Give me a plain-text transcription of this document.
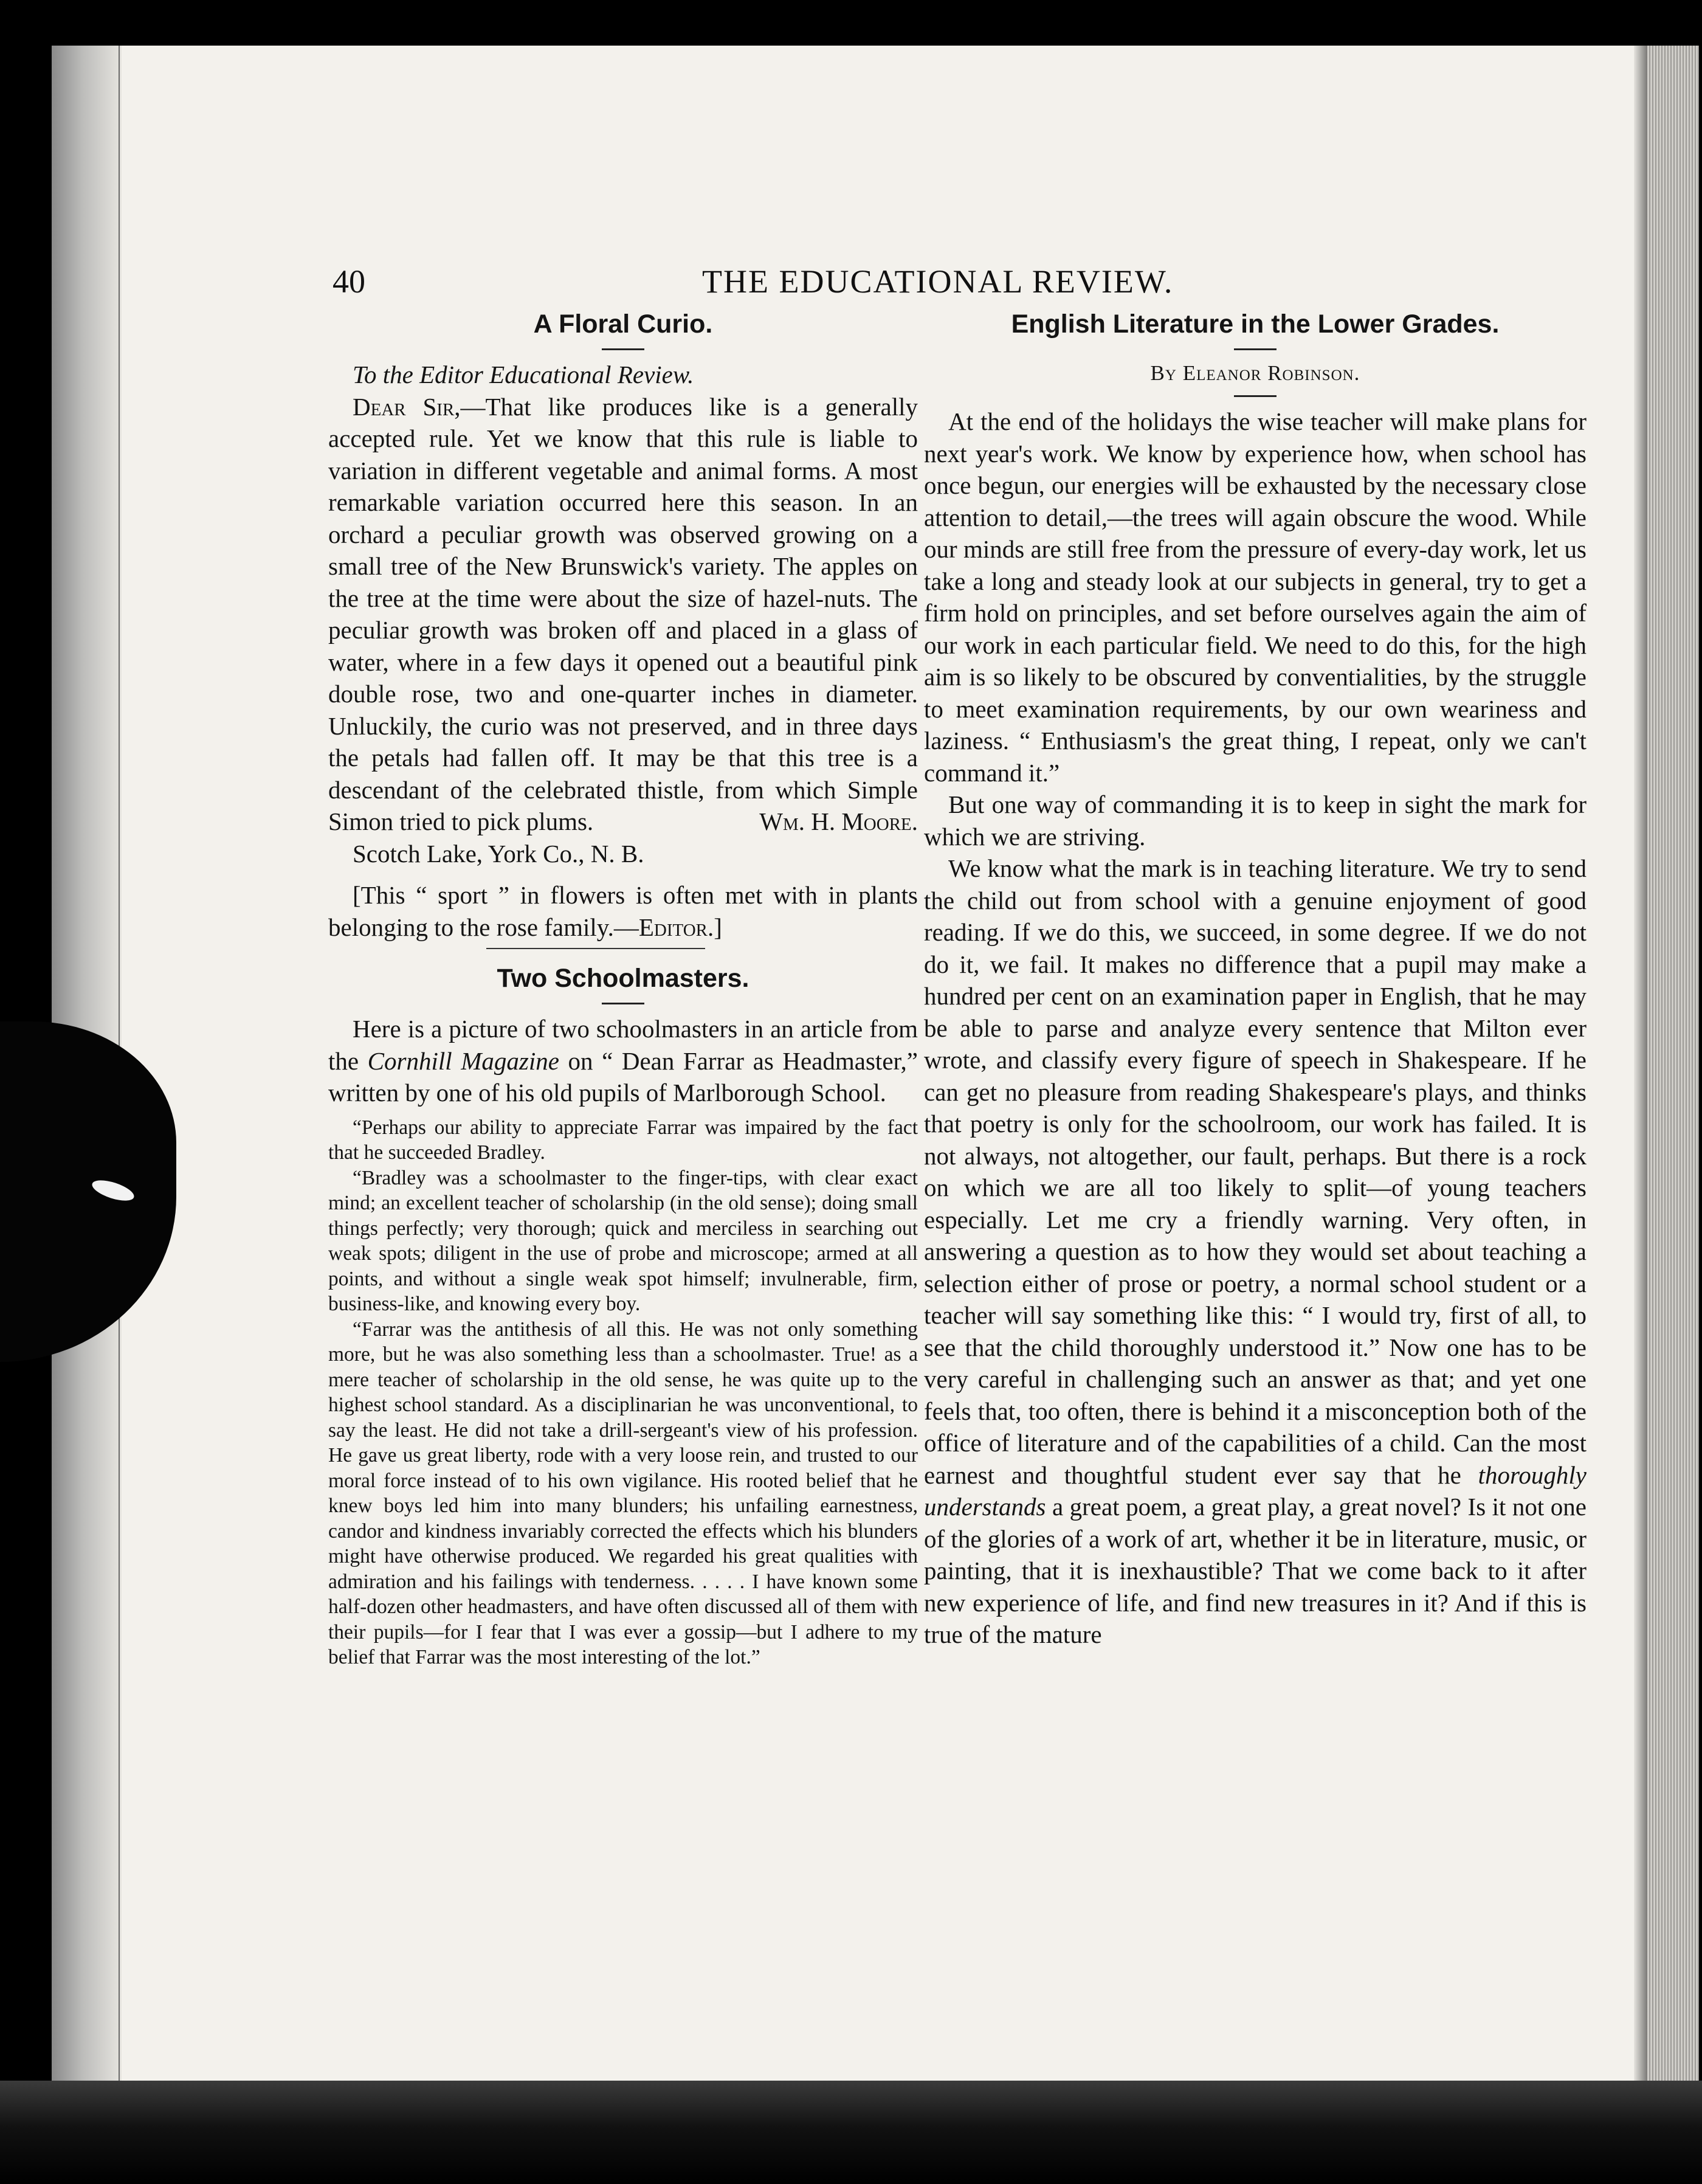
40	THE EDUCATIONAL REVIEW.
A Floral Curio.

To the Editor Educational Review.

Dear Sir,—That like produces like is a generally accepted rule. Yet we know that this rule is liable to variation in different vegetable and animal forms. A most remarkable variation occurred here this season. In an orchard a peculiar growth was observed growing on a small tree of the New Brunswick's variety. The apples on the tree at the time were about the size of hazel-nuts. The peculiar growth was broken off and placed in a glass of water, where in a few days it opened out a beautiful pink double rose, two and one-quarter inches in diameter. Unluckily, the curio was not preserved, and in three days the petals had fallen off. It may be that this tree is a descendant of the celebrated thistle, from which Simple Simon tried to pick plums.	Wm. H. Moore.

Scotch Lake, York Co., N. B.

[This “ sport ” in flowers is often met with in plants belonging to the rose family.—Editor.]

Two Schoolmasters.

Here is a picture of two schoolmasters in an article from the Cornhill Magazine on “ Dean Farrar as Headmaster,” written by one of his old pupils of Marlborough School.

“Perhaps our ability to appreciate Farrar was impaired by the fact that he succeeded Bradley.

“Bradley was a schoolmaster to the finger-tips, with clear exact mind; an excellent teacher of scholarship (in the old sense); doing small things perfectly; very thorough; quick and merciless in searching out weak spots; diligent in the use of probe and microscope; armed at all points, and without a single weak spot himself; invulnerable, firm, business-like, and knowing every boy.

“Farrar was the antithesis of all this. He was not only something more, but he was also something less than a schoolmaster. True! as a mere teacher of scholarship in the old sense, he was quite up to the highest school standard. As a disciplinarian he was unconventional, to say the least. He did not take a drill-sergeant's view of his profession. He gave us great liberty, rode with a very loose rein, and trusted to our moral force instead of to his own vigilance. His rooted belief that he knew boys led him into many blunders; his unfailing earnestness, candor and kindness invariably corrected the effects which his blunders might have otherwise produced. We regarded his great qualities with admiration and his failings with tenderness. . . . . I have known some half-dozen other headmasters, and have often discussed all of them with their pupils—for I fear that I was ever a gossip—but I adhere to my belief that Farrar was the most interesting of the lot.”

English Literature in the Lower Grades.

By Eleanor Robinson.

At the end of the holidays the wise teacher will make plans for next year's work. We know by experience how, when school has once begun, our energies will be exhausted by the necessary close attention to detail,—the trees will again obscure the wood. While our minds are still free from the pressure of every-day work, let us take a long and steady look at our subjects in general, try to get a firm hold on principles, and set before ourselves again the aim of our work in each particular field. We need to do this, for the high aim is so likely to be obscured by conventialities, by the struggle to meet examination requirements, by our own weariness and laziness. “ Enthusiasm's the great thing, I repeat, only we can't command it.”

But one way of commanding it is to keep in sight the mark for which we are striving.

We know what the mark is in teaching literature. We try to send the child out from school with a genuine enjoyment of good reading. If we do this, we succeed, in some degree. If we do not do it, we fail. It makes no difference that a pupil may make a hundred per cent on an examination paper in English, that he may be able to parse and analyze every sentence that Milton ever wrote, and classify every figure of speech in Shakespeare. If he can get no pleasure from reading Shakespeare's plays, and thinks that poetry is only for the schoolroom, our work has failed. It is not always, not altogether, our fault, perhaps. But there is a rock on which we are all too likely to split—of young teachers especially. Let me cry a friendly warning. Very often, in answering a question as to how they would set about teaching a selection either of prose or poetry, a normal school student or a teacher will say something like this: “ I would try, first of all, to see that the child thoroughly understood it.” Now one has to be very careful in challenging such an answer as that; and yet one feels that, too often, there is behind it a misconception both of the office of literature and of the capabilities of a child. Can the most earnest and thoughtful student ever say that he thoroughly understands a great poem, a great play, a great novel? Is it not one of the glories of a work of art, whether it be in literature, music, or painting, that it is inexhaustible? That we come back to it after new experience of life, and find new treasures in it? And if this is true of the mature
